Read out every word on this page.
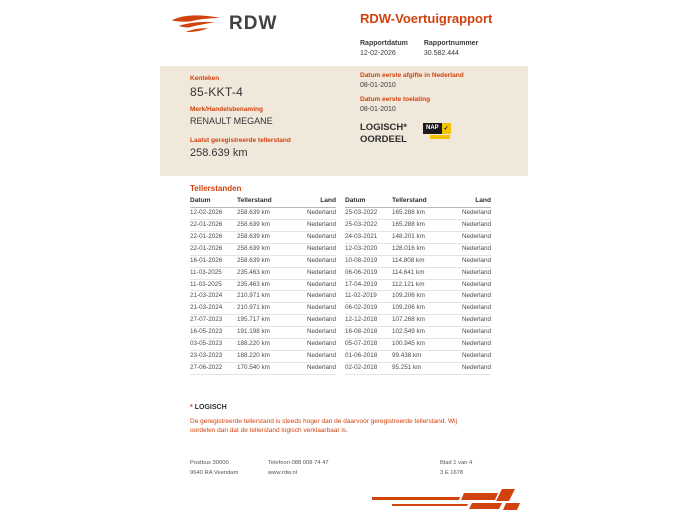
RDW	RDW-Voertuigrapport
Rapportdatum
12-02-2026
Rapportnummer
30.582.444
Kenteken
85-KKT-4
Merk/Handelsbenaming
RENAULT MEGANE
Laatst geregistreerde tellerstand
258.639 km
Datum eerste afgifte in Nederland
08-01-2010
Datum eerste toelating
08-01-2010
LOGISCH*
OORDEEL
NAP ✓
Tellerstanden
Datum	Tellerstand	Land
12-02-2026	258.639 km	Nederland
22-01-2026	258.639 km	Nederland
22-01-2026	258.639 km	Nederland
22-01-2026	258.639 km	Nederland
16-01-2026	258.639 km	Nederland
11-03-2025	235.463 km	Nederland
11-03-2025	235.463 km	Nederland
21-03-2024	210.971 km	Nederland
21-03-2024	210.971 km	Nederland
27-07-2023	195.717 km	Nederland
16-05-2023	191.198 km	Nederland
03-05-2023	188.220 km	Nederland
23-03-2023	188.220 km	Nederland
27-06-2022	170.540 km	Nederland
Datum	Tellerstand	Land
25-03-2022	165.288 km	Nederland
25-03-2022	165.288 km	Nederland
24-03-2021	148.201 km	Nederland
12-03-2020	128.016 km	Nederland
10-08-2019	114.808 km	Nederland
06-06-2019	114.641 km	Nederland
17-04-2019	112.121 km	Nederland
11-02-2019	109.206 km	Nederland
06-02-2019	109.206 km	Nederland
12-12-2018	107.268 km	Nederland
16-08-2018	102.549 km	Nederland
05-07-2018	100.945 km	Nederland
01-06-2018	99.438 km	Nederland
02-02-2018	95.251 km	Nederland
* LOGISCH
De geregistreerde tellerstand is steeds hoger dan de daarvoor geregistreerde tellerstand. Wij oordelen dan dat de tellerstand logisch verklaarbaar is.
Postbus 30000
9640 RA Veendam
Telefoon 088 008 74 47
www.rdw.nl
Blad 1 van 4
3 E 1678
